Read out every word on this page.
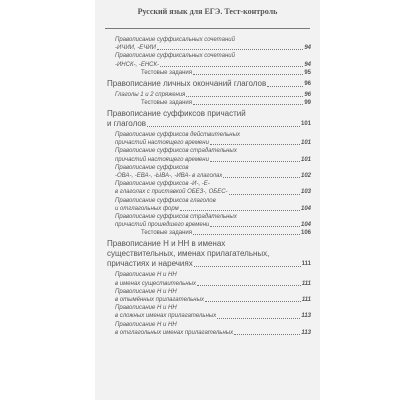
Русский язык для ЕГЭ. Тест-контроль
Правописание суффиксальных сочетаний
-ИЧИЙ, -ЕЧИЙ	94
Правописание суффиксальных сочетаний
-ИНСК-, -ЕНСК-	94
Тестовые задания	95
Правописание личных окончаний глаголов	96
Глаголы 1 и 2 спряжения	96
Тестовые задания	99
Правописание суффиксов причастий
и глаголов	101
Правописание суффиксов действительных
причастий настоящего времени	101
Правописание суффиксов страдательных
причастий настоящего времени	101
Правописание суффиксов
-ОВА-, -ЕВА-, -ЫВА-, -ИВА- в глаголах	102
Правописание суффиксов -И-, -Е-
в глаголах с приставкой ОБЕЗ-, ОБЕС-	103
Правописание суффиксов глаголов
и отглагольных форм	104
Правописание суффиксов страдательных
причастий прошедшего времени	104
Тестовые задания	106
Правописание Н и НН в именах
существительных, именах прилагательных,
причастиях и наречиях	111
Правописание Н и НН
в именах существительных	111
Правописание Н и НН
в отымённых прилагательных	111
Правописание Н и НН
в сложных именах прилагательных	113
Правописание Н и НН
в отглагольных именах прилагательных	113
